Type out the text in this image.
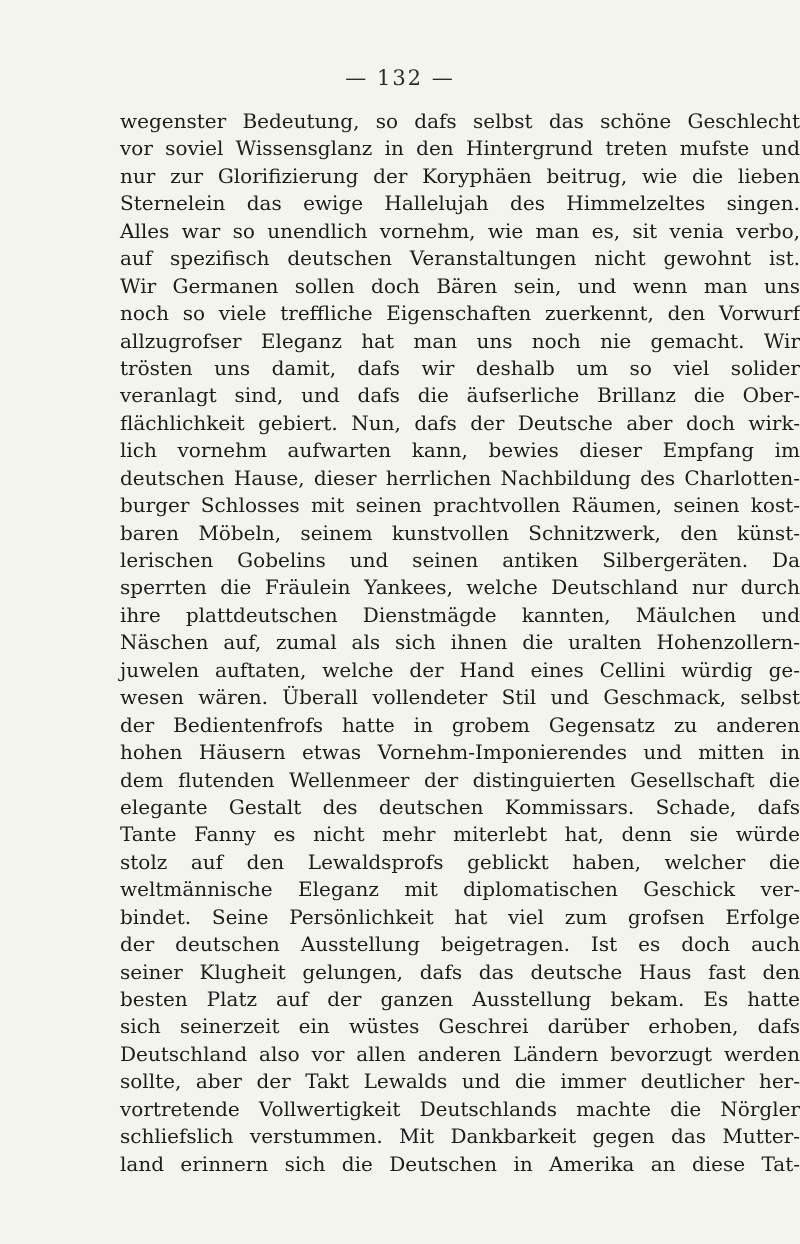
— 132 —
wegenster Bedeutung, so dafs selbst das schöne Geschlecht
vor soviel Wissensglanz in den Hintergrund treten mufste und
nur zur Glorifizierung der Koryphäen beitrug, wie die lieben
Sternelein das ewige Hallelujah des Himmelzeltes singen.
Alles war so unendlich vornehm, wie man es, sit venia verbo,
auf spezifisch deutschen Veranstaltungen nicht gewohnt ist.
Wir Germanen sollen doch Bären sein, und wenn man uns
noch so viele treffliche Eigenschaften zuerkennt, den Vorwurf
allzugrofser Eleganz hat man uns noch nie gemacht. Wir
trösten uns damit, dafs wir deshalb um so viel solider
veranlagt sind, und dafs die äufserliche Brillanz die Ober-
flächlichkeit gebiert. Nun, dafs der Deutsche aber doch wirk-
lich vornehm aufwarten kann, bewies dieser Empfang im
deutschen Hause, dieser herrlichen Nachbildung des Charlotten-
burger Schlosses mit seinen prachtvollen Räumen, seinen kost-
baren Möbeln, seinem kunstvollen Schnitzwerk, den künst-
lerischen Gobelins und seinen antiken Silbergeräten. Da
sperrten die Fräulein Yankees, welche Deutschland nur durch
ihre plattdeutschen Dienstmägde kannten, Mäulchen und
Näschen auf, zumal als sich ihnen die uralten Hohenzollern-
juwelen auftaten, welche der Hand eines Cellini würdig ge-
wesen wären. Überall vollendeter Stil und Geschmack, selbst
der Bedientenfrofs hatte in grobem Gegensatz zu anderen
hohen Häusern etwas Vornehm-Imponierendes und mitten in
dem flutenden Wellenmeer der distinguierten Gesellschaft die
elegante Gestalt des deutschen Kommissars. Schade, dafs
Tante Fanny es nicht mehr miterlebt hat, denn sie würde
stolz auf den Lewaldsprofs geblickt haben, welcher die
weltmännische Eleganz mit diplomatischen Geschick ver-
bindet. Seine Persönlichkeit hat viel zum grofsen Erfolge
der deutschen Ausstellung beigetragen. Ist es doch auch
seiner Klugheit gelungen, dafs das deutsche Haus fast den
besten Platz auf der ganzen Ausstellung bekam. Es hatte
sich seinerzeit ein wüstes Geschrei darüber erhoben, dafs
Deutschland also vor allen anderen Ländern bevorzugt werden
sollte, aber der Takt Lewalds und die immer deutlicher her-
vortretende Vollwertigkeit Deutschlands machte die Nörgler
schliefslich verstummen. Mit Dankbarkeit gegen das Mutter-
land erinnern sich die Deutschen in Amerika an diese Tat-
